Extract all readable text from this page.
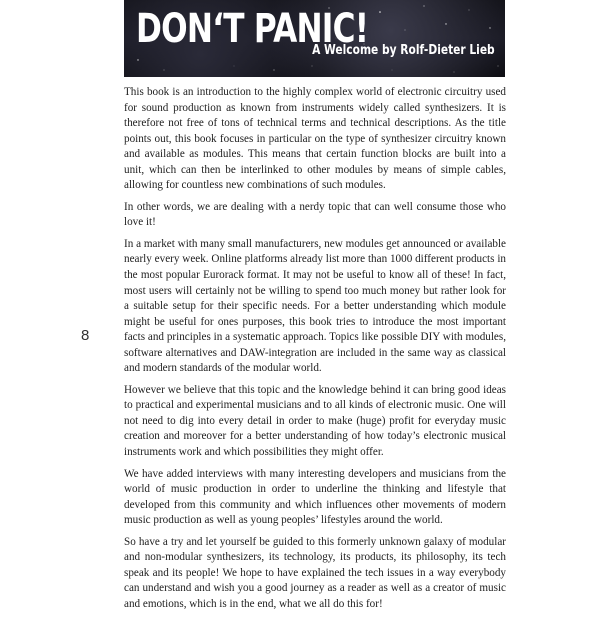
DON‘T PANIC!
A Welcome by Rolf-Dieter Lieb
8

This book is an introduction to the highly complex world of electronic circuitry used for sound production as known from instruments widely called synthesizers. It is therefore not free of tons of technical terms and technical descriptions. As the title points out, this book focuses in particular on the type of synthesizer circuitry known and available as modules. This means that certain function blocks are built into a unit, which can then be interlinked to other modules by means of simple cables, allowing for countless new combinations of such modules.

In other words, we are dealing with a nerdy topic that can well consume those who love it!

In a market with many small manufacturers, new modules get announced or available nearly every week. Online platforms already list more than 1000 different products in the most popular Eurorack format. It may not be useful to know all of these! In fact, most users will certainly not be willing to spend too much money but rather look for a suitable setup for their specific needs. For a better understanding which module might be useful for ones purposes, this book tries to introduce the most important facts and principles in a systematic approach. Topics like possible DIY with modules, software alternatives and DAW-integration are included in the same way as classical and modern standards of the modular world.

However we believe that this topic and the knowledge behind it can bring good ideas to practical and experimental musicians and to all kinds of electronic music. One will not need to dig into every detail in order to make (huge) profit for everyday music creation and moreover for a better understanding of how today’s electronic musical instruments work and which possibilities they might offer.

We have added interviews with many interesting developers and musicians from the world of music production in order to underline the thinking and lifestyle that developed from this community and which influences other movements of modern music production as well as young peoples’ lifestyles around the world.

So have a try and let yourself be guided to this formerly unknown galaxy of modular and non-modular synthesizers, its technology, its products, its philosophy, its tech speak and its people! We hope to have explained the tech issues in a way everybody can understand and wish you a good journey as a reader as well as a creator of music and emotions, which is in the end, what we all do this for!
